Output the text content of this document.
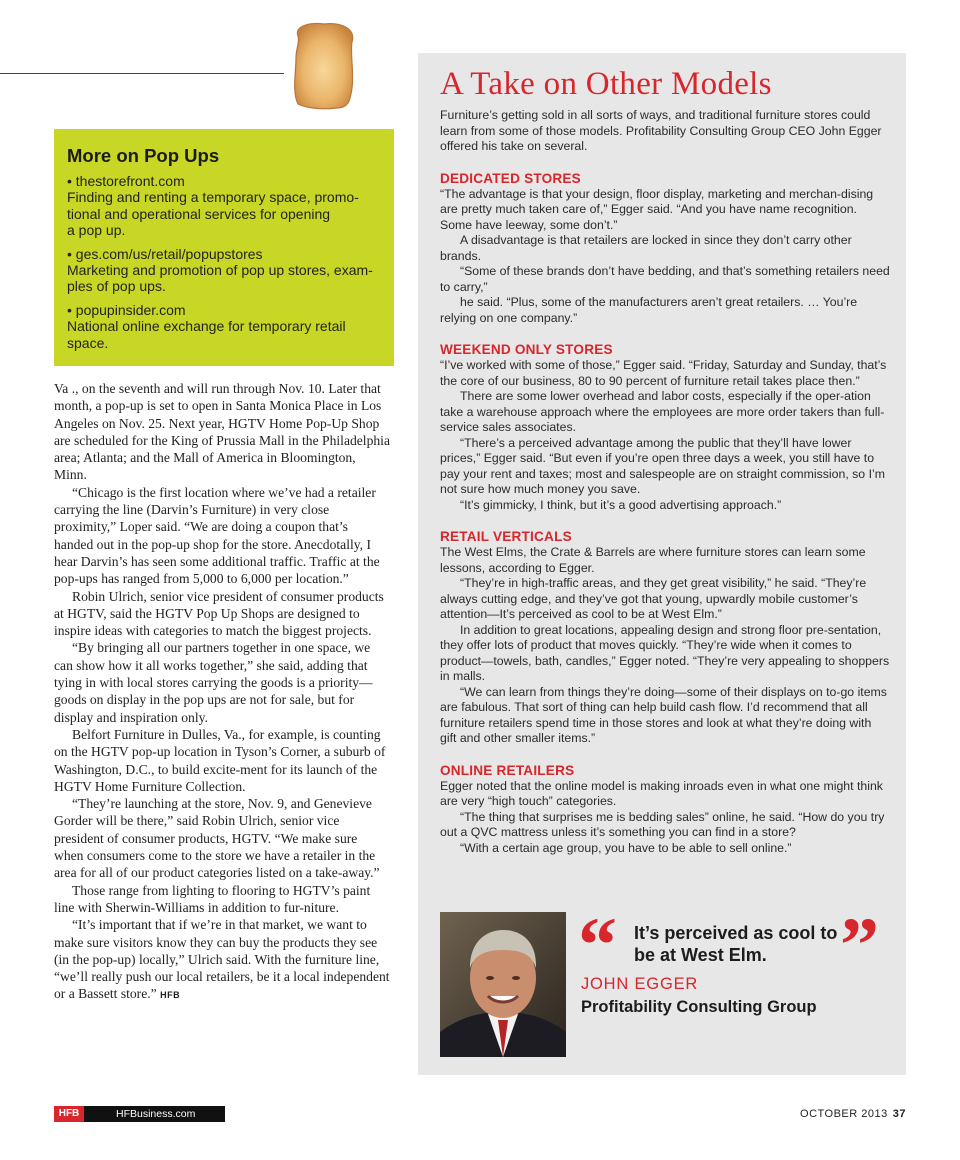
More on Pop Ups
• thestorefront.com
Finding and renting a temporary space, promo-
tional and operational services for opening
a pop up.
• ges.com/us/retail/popupstores
Marketing and promotion of pop up stores, exam-
ples of pop ups.
• popupinsider.com
National online exchange for temporary retail
space.

Va ., on the seventh and will run through Nov. 10. Later that month, a pop-up is set to open in Santa Monica Place in Los Angeles on Nov. 25. Next year, HGTV Home Pop-Up Shop are scheduled for the King of Prussia Mall in the Philadelphia area; Atlanta; and the Mall of America in Bloomington, Minn.

“Chicago is the first location where we’ve had a retailer carrying the line (Darvin’s Furniture) in very close proximity,” Loper said. “We are doing a coupon that’s handed out in the pop-up shop for the store. Anecdotally, I hear Darvin’s has seen some additional traffic. Traffic at the pop-ups has ranged from 5,000 to 6,000 per location.”

Robin Ulrich, senior vice president of consumer products at HGTV, said the HGTV Pop Up Shops are designed to inspire ideas with categories to match the biggest projects.

“By bringing all our partners together in one space, we can show how it all works together,” she said, adding that tying in with local stores carrying the goods is a priority—goods on display in the pop ups are not for sale, but for display and inspiration only.

Belfort Furniture in Dulles, Va., for example, is counting on the HGTV pop-up location in Tyson’s Corner, a suburb of Washington, D.C., to build excite-ment for its launch of the HGTV Home Furniture Collection.

“They’re launching at the store, Nov. 9, and Genevieve Gorder will be there,” said Robin Ulrich, senior vice president of consumer products, HGTV. “We make sure when consumers come to the store we have a retailer in the area for all of our product categories listed on a take-away.”

Those range from lighting to flooring to HGTV’s paint line with Sherwin-Williams in addition to fur-niture.

“It’s important that if we’re in that market, we want to make sure visitors know they can buy the products they see (in the pop-up) locally,” Ulrich said. With the furniture line, “we’ll really push our local retailers, be it a local independent or a Bassett store.” HFB

A Take on Other Models

Furniture’s getting sold in all sorts of ways, and traditional furniture stores could learn from some of those models. Profitability Consulting Group CEO John Egger offered his take on several.

DEDICATED STORES

“The advantage is that your design, floor display, marketing and merchan-dising are pretty much taken care of,” Egger said. “And you have name recognition. Some have leeway, some don’t.”

A disadvantage is that retailers are locked in since they don’t carry other brands.

“Some of these brands don’t have bedding, and that’s something retailers need to carry,”

he said. “Plus, some of the manufacturers aren’t great retailers. … You’re relying on one company.”

WEEKEND ONLY STORES

“I’ve worked with some of those,” Egger said. “Friday, Saturday and Sunday, that’s the core of our business, 80 to 90 percent of furniture retail takes place then.”

There are some lower overhead and labor costs, especially if the oper-ation take a warehouse approach where the employees are more order takers than full-service sales associates.

“There’s a perceived advantage among the public that they’ll have lower prices,” Egger said. “But even if you’re open three days a week, you still have to pay your rent and taxes; most and salespeople are on straight commission, so I’m not sure how much money you save.

“It’s gimmicky, I think, but it’s a good advertising approach.”

RETAIL VERTICALS

The West Elms, the Crate & Barrels are where furniture stores can learn some lessons, according to Egger.

“They’re in high-traffic areas, and they get great visibility,” he said. “They’re always cutting edge, and they’ve got that young, upwardly mobile customer’s attention—It’s perceived as cool to be at West Elm.”

In addition to great locations, appealing design and strong floor pre-sentation, they offer lots of product that moves quickly. “They’re wide when it comes to product—towels, bath, candles,” Egger noted. “They’re very appealing to shoppers in malls.

“We can learn from things they’re doing—some of their displays on to-go items are fabulous. That sort of thing can help build cash flow. I’d recommend that all furniture retailers spend time in those stores and look at what they’re doing with gift and other smaller items.”

ONLINE RETAILERS

Egger noted that the online model is making inroads even in what one might think are very “high touch” categories.

“The thing that surprises me is bedding sales” online, he said. “How do you try out a QVC mattress unless it’s something you can find in a store?

“With a certain age group, you have to be able to sell online.”

“ It’s perceived as cool to be at West Elm. ”
JOHN EGGER
Profitability Consulting Group
HFB	HFBusiness.com	OCTOBER 2013 37
